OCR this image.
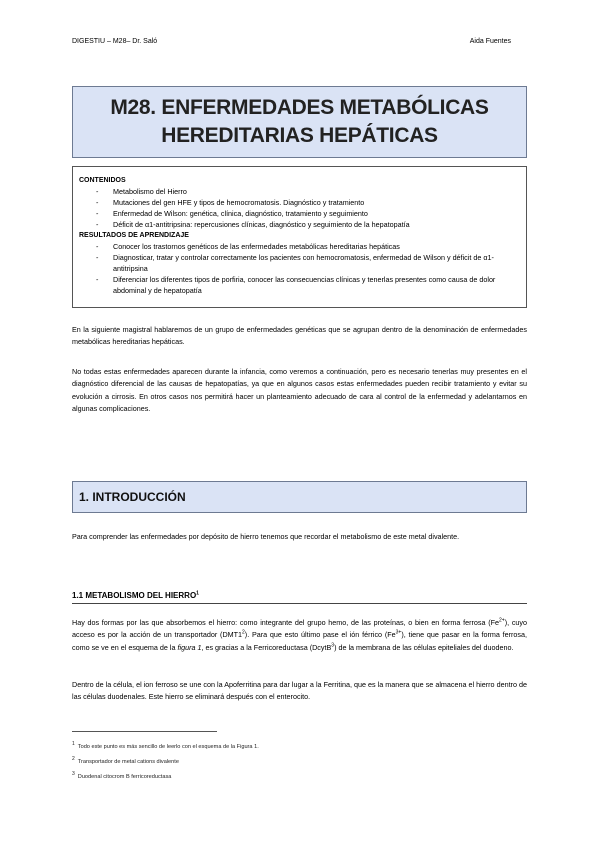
DIGESTIU – M28– Dr. Saló	Aida Fuentes
M28. ENFERMEDADES METABÓLICAS
HEREDITARIAS HEPÁTICAS
CONTENIDOS
- Metabolismo del Hierro
- Mutaciones del gen HFE y tipos de hemocromatosis. Diagnóstico y tratamiento
- Enfermedad de Wilson: genética, clínica, diagnóstico, tratamiento y seguimiento
- Déficit de α1-antitripsina: repercusiones clínicas, diagnóstico y seguimiento de la hepatopatía
RESULTADOS DE APRENDIZAJE
- Conocer los trastornos genéticos de las enfermedades metabólicas hereditarias hepáticas
- Diagnosticar, tratar y controlar correctamente los pacientes con hemocromatosis, enfermedad de Wilson y déficit de α1-antitripsina
- Diferenciar los diferentes tipos de porfiria, conocer las consecuencias clínicas y tenerlas presentes como causa de dolor abdominal y de hepatopatía

En la siguiente magistral hablaremos de un grupo de enfermedades genéticas que se agrupan dentro de la denominación de enfermedades metabólicas hereditarias hepáticas.

No todas estas enfermedades aparecen durante la infancia, como veremos a continuación, pero es necesario tenerlas muy presentes en el diagnóstico diferencial de las causas de hepatopatías, ya que en algunos casos estas enfermedades pueden recibir tratamiento y evitar su evolución a cirrosis. En otros casos nos permitirá hacer un planteamiento adecuado de cara al control de la enfermedad y adelantarnos en algunas complicaciones.

1. INTRODUCCIÓN

Para comprender las enfermedades por depósito de hierro tenemos que recordar el metabolismo de este metal divalente.

1.1 METABOLISMO DEL HIERRO$^1$

Hay dos formas por las que absorbemos el hierro: como integrante del grupo hemo, de las proteínas, o bien en forma ferrosa $(Fe^{2+})$, cuyo acceso es por la acción de un transportador $(DMT1^2)$. Para que esto último pase el ión férrico $(Fe^{3+})$, tiene que pasar en la forma ferrosa, como se ve en el esquema de la figura 1, es gracias a la Ferricoreductasa (DcytB$^3$) de la membrana de las células epiteliales del duodeno.

Dentro de la célula, el ion ferroso se une con la Apoferritina para dar lugar a la Ferritina, que es la manera que se almacena el hierro dentro de las células duodenales. Este hierro se eliminará después con el enterocito.

1 Todo este punto es más sencillo de leerlo con el esquema de la Figura 1.
2 Transportador de metal cations divalente
3 Duodenal citocrom B ferricoreductasa
